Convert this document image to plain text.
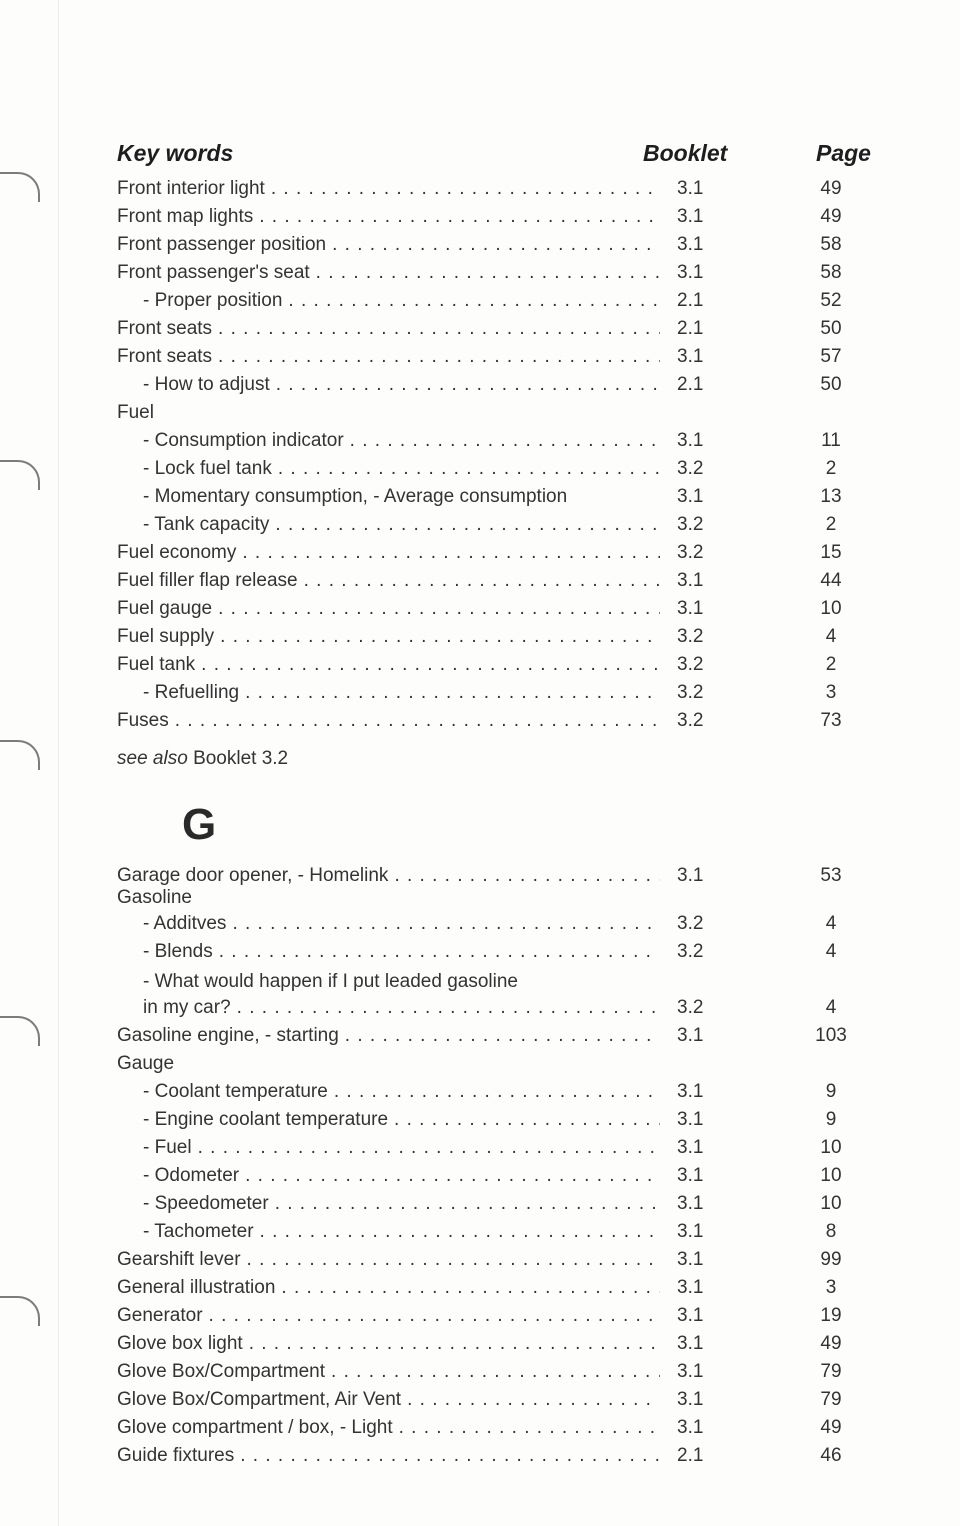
Key words	Booklet	Page
Front interior light . . .	3.1	49
Front map lights . . .	3.1	49
Front passenger position . . .	3.1	58
Front passenger's seat . . .	3.1	58
- Proper position . . .	2.1	52
Front seats . . .	2.1	50
Front seats . . .	3.1	57
- How to adjust . . .	2.1	50
Fuel
- Consumption indicator . . .	3.1	11
- Lock fuel tank . . .	3.2	2
- Momentary consumption, - Average consumption	3.1	13
- Tank capacity . . .	3.2	2
Fuel economy . . .	3.2	15
Fuel filler flap release . . .	3.1	44
Fuel gauge . . .	3.1	10
Fuel supply . . .	3.2	4
Fuel tank . . .	3.2	2
- Refuelling . . .	3.2	3
Fuses . . .	3.2	73
see also Booklet 3.2
G
Garage door opener, - Homelink . . .	3.1	53
Gasoline
- Additves . . .	3.2	4
- Blends . . .	3.2	4
- What would happen if I put leaded gasoline
in my car? . . .	3.2	4
Gasoline engine, - starting . . .	3.1	103
Gauge
- Coolant temperature . . .	3.1	9
- Engine coolant temperature . . .	3.1	9
- Fuel . . .	3.1	10
- Odometer . . .	3.1	10
- Speedometer . . .	3.1	10
- Tachometer . . .	3.1	8
Gearshift lever . . .	3.1	99
General illustration . . .	3.1	3
Generator . . .	3.1	19
Glove box light . . .	3.1	49
Glove Box/Compartment . . .	3.1	79
Glove Box/Compartment, Air Vent . . .	3.1	79
Glove compartment / box, - Light . . .	3.1	49
Guide fixtures . . .	2.1	46
